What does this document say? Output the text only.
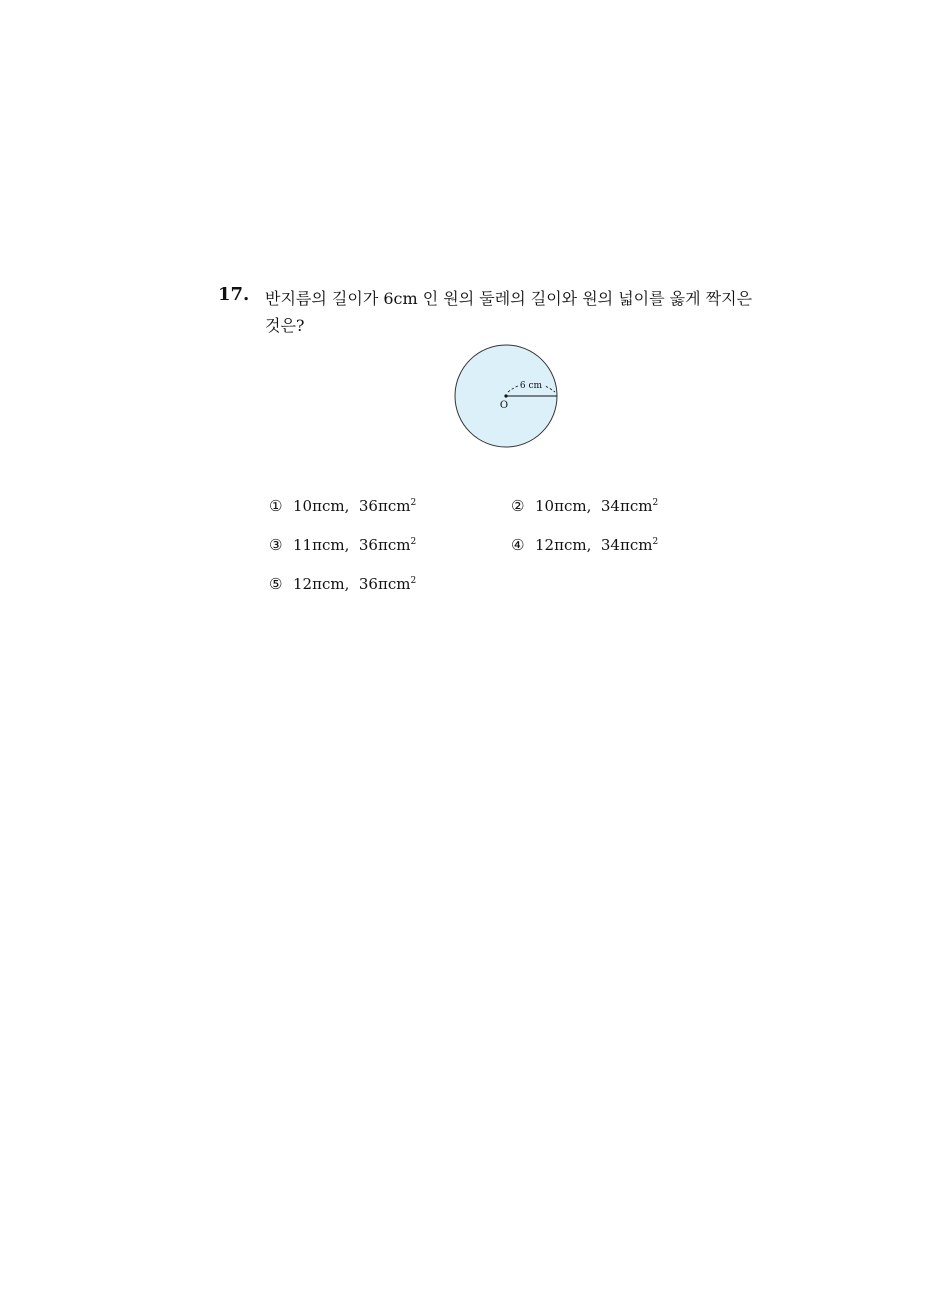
17. 반지름의 길이가 6cm 인 원의 둘레의 길이와 원의 넓이를 옳게 짝지은 것은?
6 cm
O
① 10πcm, 36πcm$^2$	② 10πcm, 34πcm$^2$
③ 11πcm, 36πcm$^2$	④ 12πcm, 34πcm$^2$
⑤ 12πcm, 36πcm$^2$
